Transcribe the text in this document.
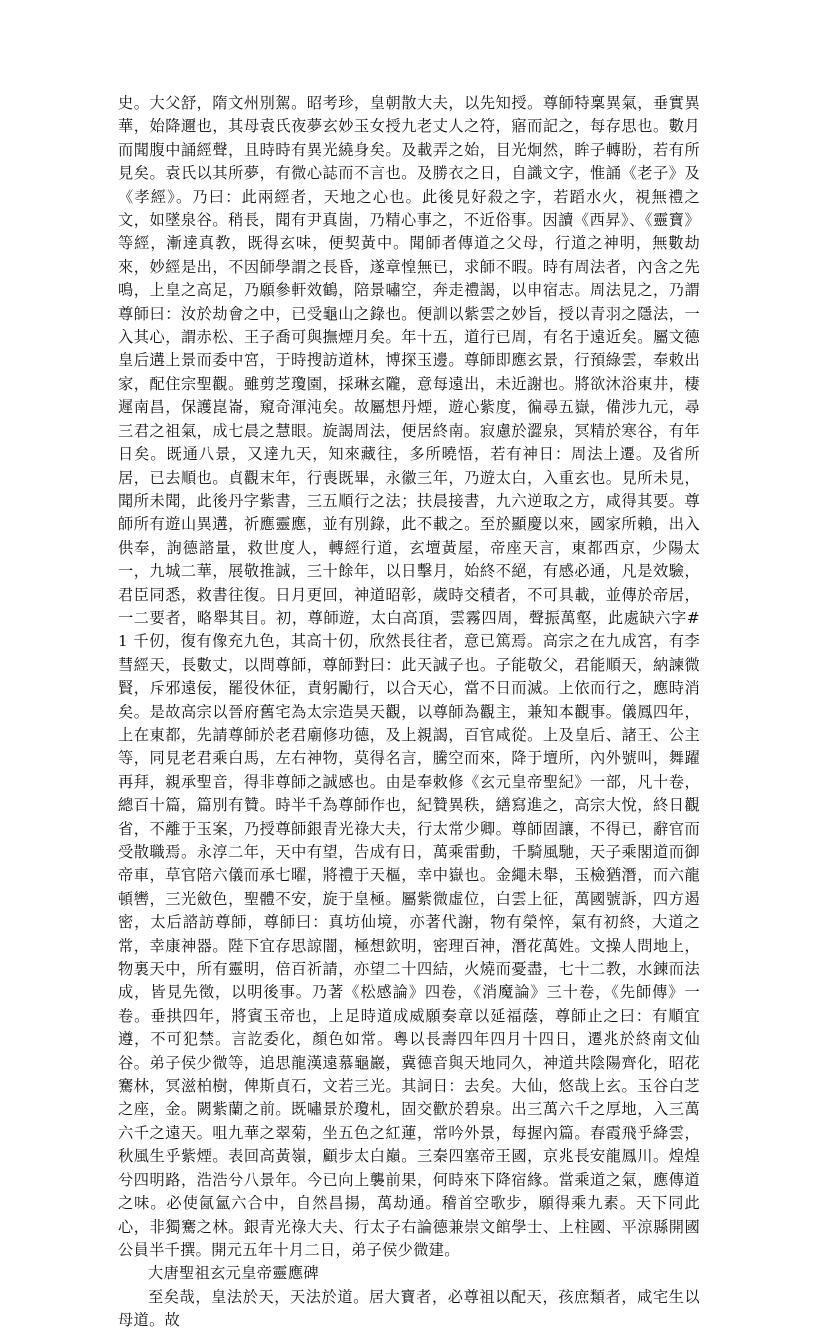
史。大父舒，隋文州別駕。昭考珍，皇朝散大夫，以先知授。尊師特稟異氣，垂實異華，始降邇也，其母袁氏夜夢玄妙玉女授九老丈人之符，寤而記之，每存思也。數月而聞腹中誦經聲，且時時有異光繞身矣。及載弄之始，目光炯然，眸子轉盼，若有所見矣。袁氏以其所夢，有微心誌而不言也。及勝衣之日，自識文字，惟誦《老子》及《孝經》。乃曰：此兩經者，天地之心也。此後見好殺之字，若蹈水火，視無禮之文，如墜泉谷。稍長，聞有尹真崮，乃精心事之，不近俗事。因讀《西昇》、《靈寶》等經，漸達真教，既得玄味，便契黃中。聞師者傳道之父母，行道之神明，無數劫來，妙經是出，不因師學謂之長昏，遂章惶無已，求師不暇。時有周法者，內含之先鳴，上皇之高足，乃願參軒效鶴，陪景嘯空，奔走禮謁，以申宿志。周法見之，乃謂尊師曰：汝於劫會之中，已受龜山之錄也。便訓以紫雲之妙旨，授以青羽之隱法，一入其心，謂赤松、王子喬可與撫煙月矣。年十五，道行已周，有名于遠近矣。屬文德皇后遘上景而委中宮，于時搜訪道林，博探玉邊。尊師即應玄景，行預綠雲，奉敕出家，配住宗聖觀。雖剪芝瓊園，採琳玄隴，意每遠出，未近謝也。將欲沐浴東井，棲遲南昌，保護崑崙，窺奇渾沌矣。故屬想丹煙，遊心紫度，徧尋五嶽，備涉九元，尋三君之祖氣，成七晨之慧眼。旋謁周法，便居終南。寂慮於澀泉，冥精於寒谷，有年日矣。既通八景，又達九天，知來藏往，多所曉悟，若有神日：周法上遷。及省所居，已去順也。貞觀末年，行喪既畢，永徽三年，乃遊太白，入重玄也。見所未見，聞所未聞，此後丹字紫書，三五順行之法；扶晨接書，九六逆取之方，咸得其要。尊師所有遊山異遘，祈應靈應，並有別錄，此不載之。至於顯慶以來，國家所賴，出入供奉，詢德諮量，救世度人，轉經行道，玄壇黃屋，帝座天言，東都西京，少陽太一，九城二華，展敬推誠，三十餘年，以日擊月，始終不絕，有感必通，凡是效驗，君臣同悉，救書往復。日月更回，神道昭彰，歲時交積者，不可具載，並傳於帝居，一二要者，略舉其目。初，尊師遊，太白高頂，雲霧四周，聲振萬壑，此處缺六字#1 千仞，復有像充九色，其高十仞，欣然長往者，意已篤焉。高宗之在九成宮，有李彗經天，長數丈，以問尊師，尊師對曰：此天誠子也。子能敬父，君能順天，納諫微賢，斥邪遠佞，罷役休征，責躬勵行，以合天心，當不日而滅。上依而行之，應時消矣。是故高宗以晉府舊宅為太宗造昊天觀，以尊師為觀主，兼知本觀事。儀鳳四年，上在東都，先請尊師於老君廟修功德，及上親謁，百官咸從。上及皇后、諸王、公主等，同見老君乘白馬，左右神物，莫得名言，騰空而來，降于壇所，內外號叫，舞躍再拜，親承聖音，得非尊師之誠感也。由是奉敕修《玄元皇帝聖紀》一部，凡十卷，總百十篇，篇別有贊。時半千為尊師作也，紀贊異秩，繕寫進之，高宗大悅，終日觀省，不離于玉案，乃授尊師銀青光祿大夫，行太常少卿。尊師固讓，不得已，辭官而受散職焉。永淳二年，天中有望，告成有日，萬乘雷動，千騎風馳，天子乘閣道而御帝車，草官陪六儀而承七曜，將禮于天樞，幸中嶽也。金繩未舉，玉檢猶潛，而六龍頓轡，三光斂色，聖體不安，旋于皇極。屬紫微虛位，白雲上征，萬國號訴，四方遏密，太后諮訪尊師，尊師曰：真坊仙境，亦著代謝，物有榮悴，氣有初終，大道之常，幸康神器。陛下宜存思諒闇，極想欽明，密理百神，潛花萬姓。文操人問地上，物裏天中，所有靈明，倍百祈請，亦望二十四結，火燒而憂盡，七十二教，水鍊而法成，皆見先徵，以明後事。乃著《松感論》四卷，《消魔論》三十卷，《先師傳》一卷。垂拱四年，將賓玉帝也，上足時道成威願奏章以延福蔭，尊師止之曰：有順宜遵，不可犯禁。言訖委化，顏色如常。粵以長壽四年四月十四日，遷兆於終南文仙谷。弟子侯少微等，追思龍漢遠慕龜巖，冀德音與天地同久，神道共陰陽齊化，昭花騫林，冥滋柏樹，俾斯貞石，文若三光。其詞日：去矣。大仙，悠哉上玄。玉谷白芝之座，金。闕紫蘭之前。既嘯景於瓊札，固交歡於碧泉。出三萬六千之厚地，入三萬六千之遠天。咀九華之翠菊，坐五色之紅蓮，常吟外景，每握內篇。春霞飛乎絳雲，秋風生乎紫煙。表回高黃嶺，顧步太白巔。三秦四塞帝王國，京兆長安龍鳳川。煌煌兮四明路，浩浩兮八景年。今已向上襲前果，何時來下降宿緣。當乘道之氣，應傳道之味。必使氤氳六合中，自然昌揚，萬劫通。稽首空歌步，願得乘九素。天下同此心，非獨騫之林。銀青光祿大夫、行太子右論德兼崇文館學士、上柱國、平涼縣開國公員半千撰。開元五年十月二日，弟子侯少微建。

大唐聖祖玄元皇帝靈應碑

至矣哉，皇法於天，天法於道。居大寶者，必尊祖以配天，孩庶類者，咸宅生以母道。故
